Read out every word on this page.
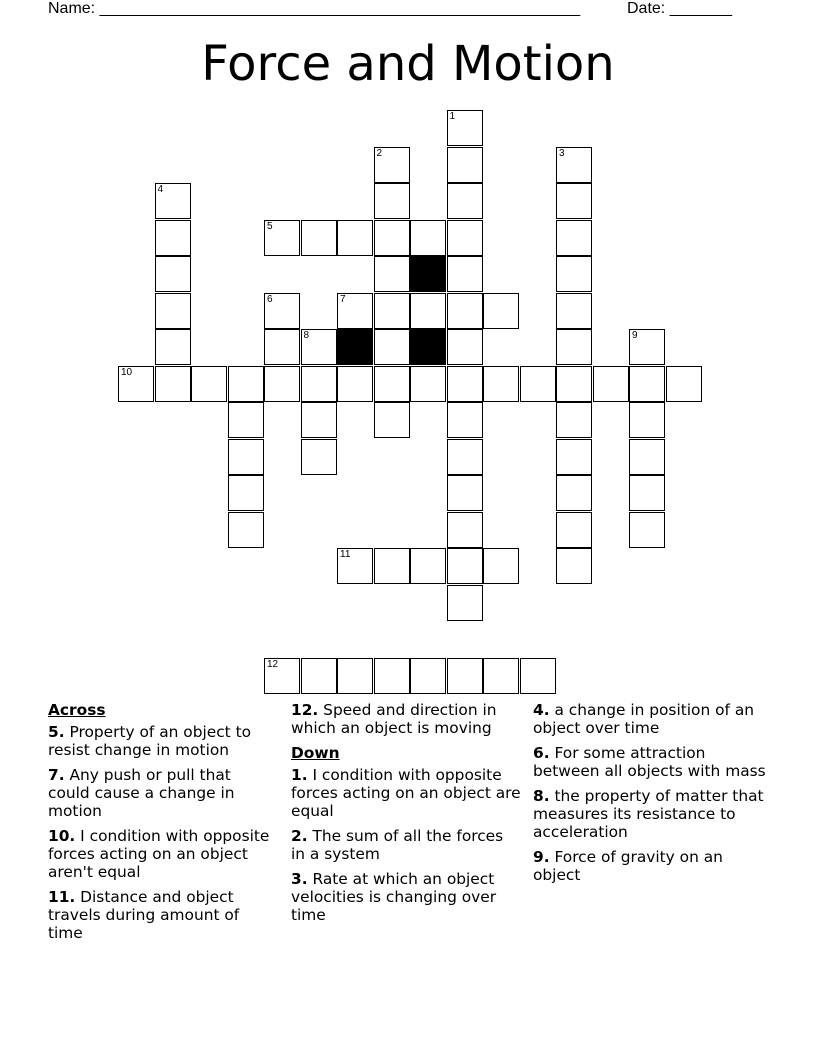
Name: ______________________________________________________	Date: _______
Force and Motion
1
2	3
4
5
6	7
8	9
10
11
12
Across
5. Property of an object to resist change in motion
7. Any push or pull that could cause a change in motion
10. I condition with opposite forces acting on an object aren't equal
11. Distance and object travels during amount of time
12. Speed and direction in which an object is moving
Down
1. I condition with opposite forces acting on an object are equal
2. The sum of all the forces in a system
3. Rate at which an object velocities is changing over time
4. a change in position of an object over time
6. For some attraction between all objects with mass
8. the property of matter that measures its resistance to acceleration
9. Force of gravity on an object
